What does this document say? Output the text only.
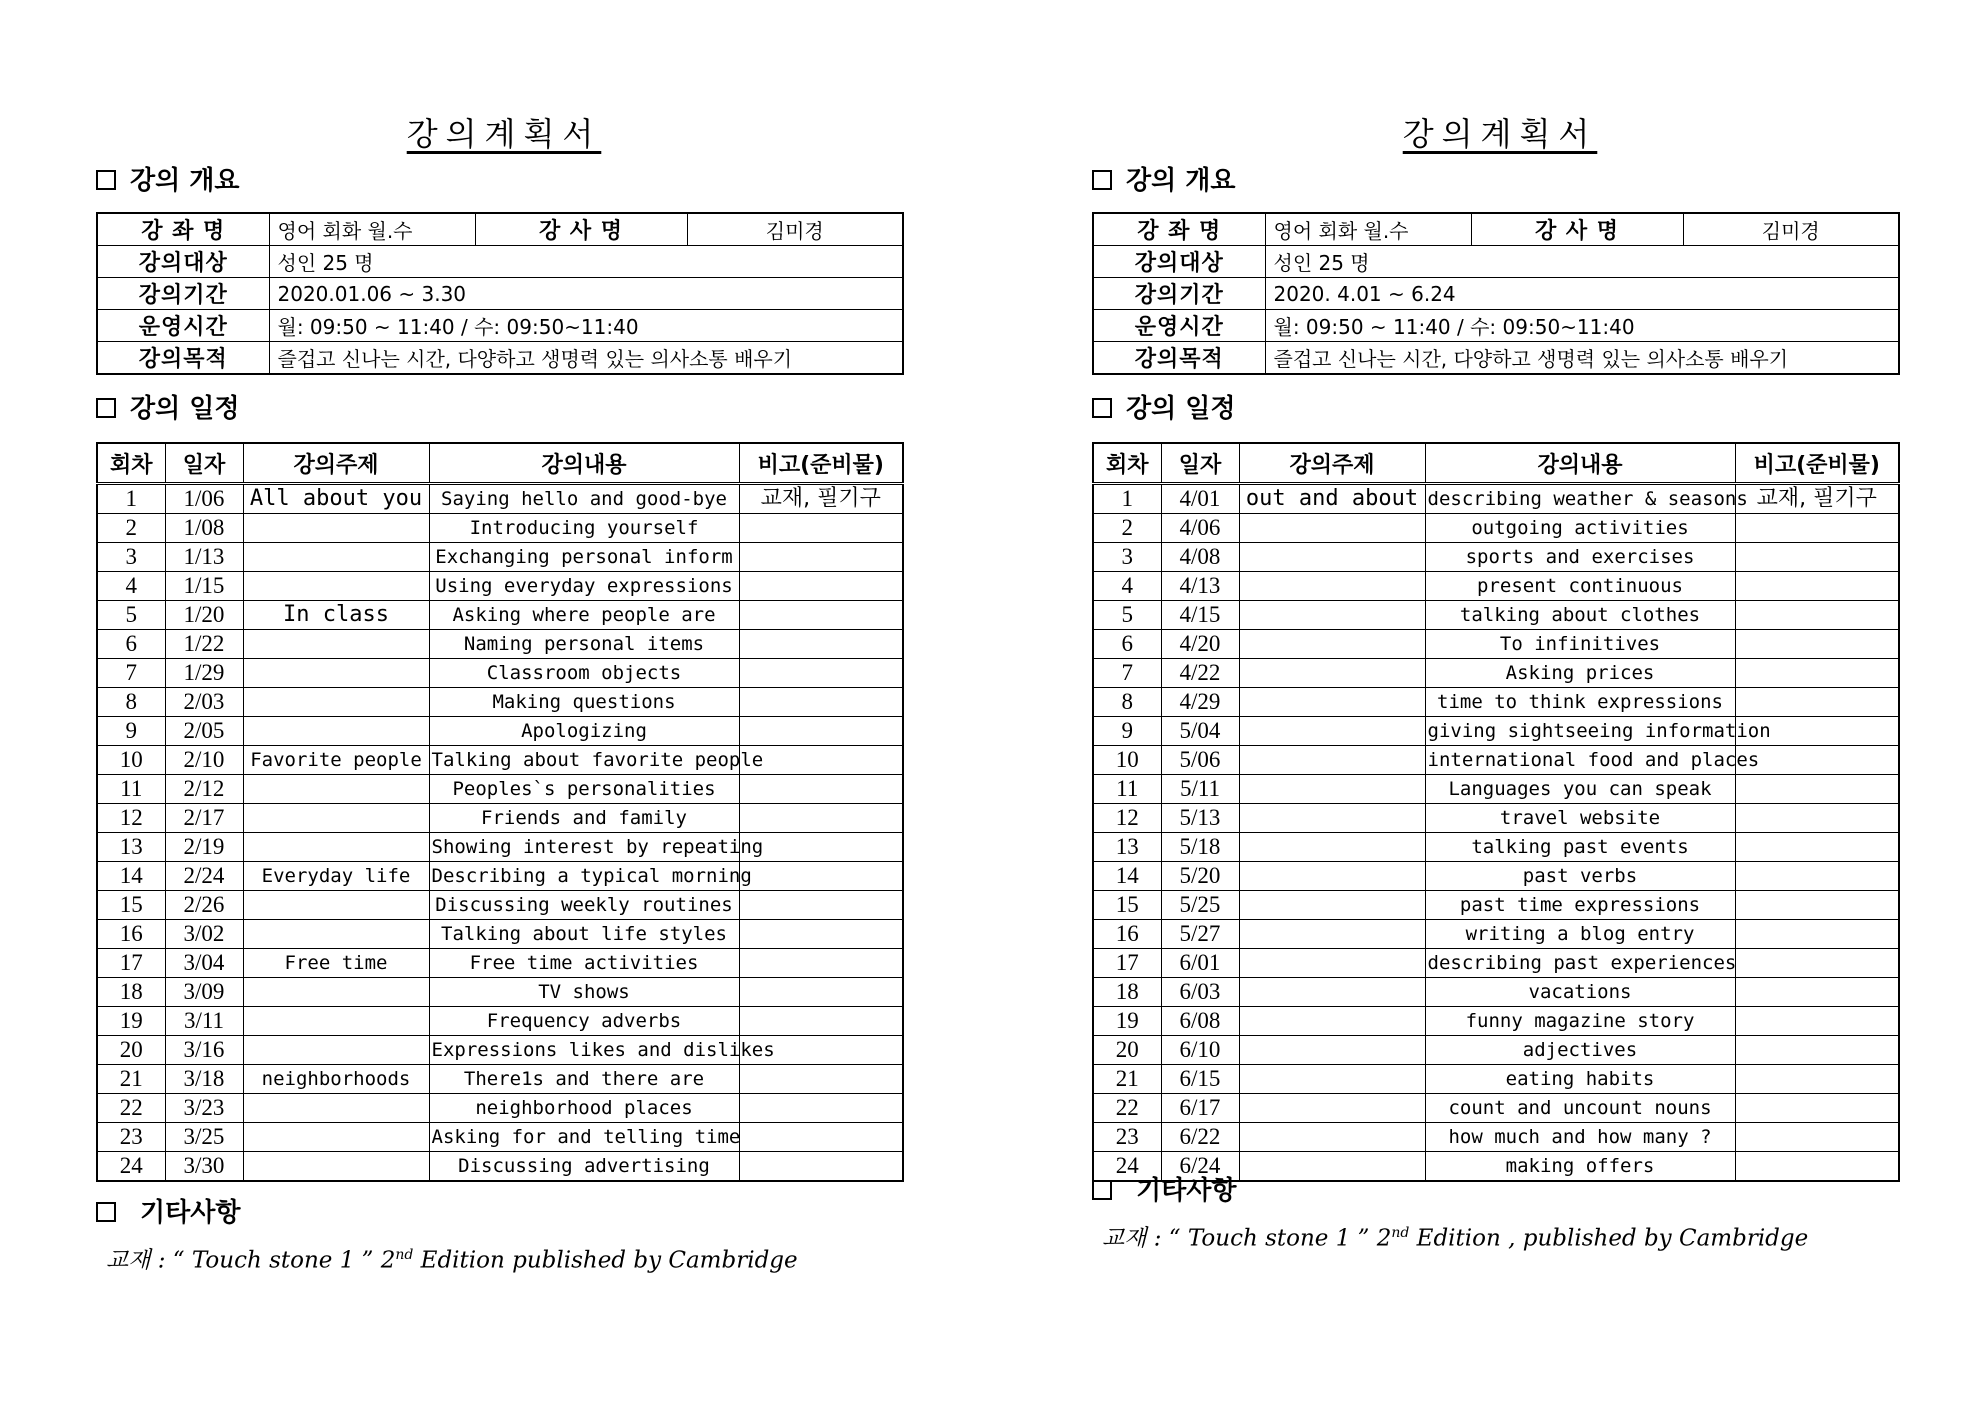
강의계획서
강의 개요
강 좌 명	영어 회화 월.수	강 사 명	김미경
강의대상	성인 25 명		
강의기간	2020.01.06 ~ 3.30		
운영시간	월: 09:50 ~ 11:40 / 수: 09:50~11:40		
강의목적	즐겁고 신나는 시간, 다양하고 생명력 있는 의사소통 배우기		
강의 일정
회차	일자	강의주제	강의내용	비고(준비물)
1	1/06	All about you	Saying hello and good-bye	교재, 필기구
2	1/08		Introducing yourself	
3	1/13		Exchanging personal inform	
4	1/15		Using everyday expressions	
5	1/20	In class	Asking where people are	
6	1/22		Naming personal items	
7	1/29		Classroom objects	
8	2/03		Making questions	
9	2/05		Apologizing	
10	2/10	Favorite people	Talking about favorite people	
11	2/12		Peoples`s personalities	
12	2/17		Friends and family	
13	2/19		Showing interest by repeating	
14	2/24	Everyday life	Describing a typical morning	
15	2/26		Discussing weekly routines	
16	3/02		Talking about life styles	
17	3/04	Free time	Free time activities	
18	3/09		TV shows	
19	3/11		Frequency adverbs	
20	3/16		Expressions likes and dislikes	
21	3/18	neighborhoods	There1s and there are	
22	3/23		neighborhood places	
23	3/25		Asking for and telling time	
24	3/30		Discussing advertising	
기타사항
교재 : “ Touch stone 1 ” 2nd Edition published by Cambridge
강의계획서
강의 개요
강 좌 명	영어 회화 월.수	강 사 명	김미경
강의대상	성인 25 명		
강의기간	2020. 4.01 ~ 6.24		
운영시간	월: 09:50 ~ 11:40 / 수: 09:50~11:40		
강의목적	즐겁고 신나는 시간, 다양하고 생명력 있는 의사소통 배우기		
강의 일정
회차	일자	강의주제	강의내용	비고(준비물)
1	4/01	out and about	describing weather & seasons	교재, 필기구
2	4/06		outgoing activities	
3	4/08		sports and exercises	
4	4/13		present continuous	
5	4/15		talking about clothes	
6	4/20		To infinitives	
7	4/22		Asking prices	
8	4/29		time to think expressions	
9	5/04		giving sightseeing information	
10	5/06		international food and places	
11	5/11		Languages you can speak	
12	5/13		travel website	
13	5/18		talking past events	
14	5/20		past verbs	
15	5/25		past time expressions	
16	5/27		writing a blog entry	
17	6/01		describing past experiences	
18	6/03		vacations	
19	6/08		funny magazine story	
20	6/10		adjectives	
21	6/15		eating habits	
22	6/17		count and uncount nouns	
23	6/22		how much and how many ?	
24	6/24		making offers	
기타사항
교재 : “ Touch stone 1 ” 2nd Edition , published by Cambridge
